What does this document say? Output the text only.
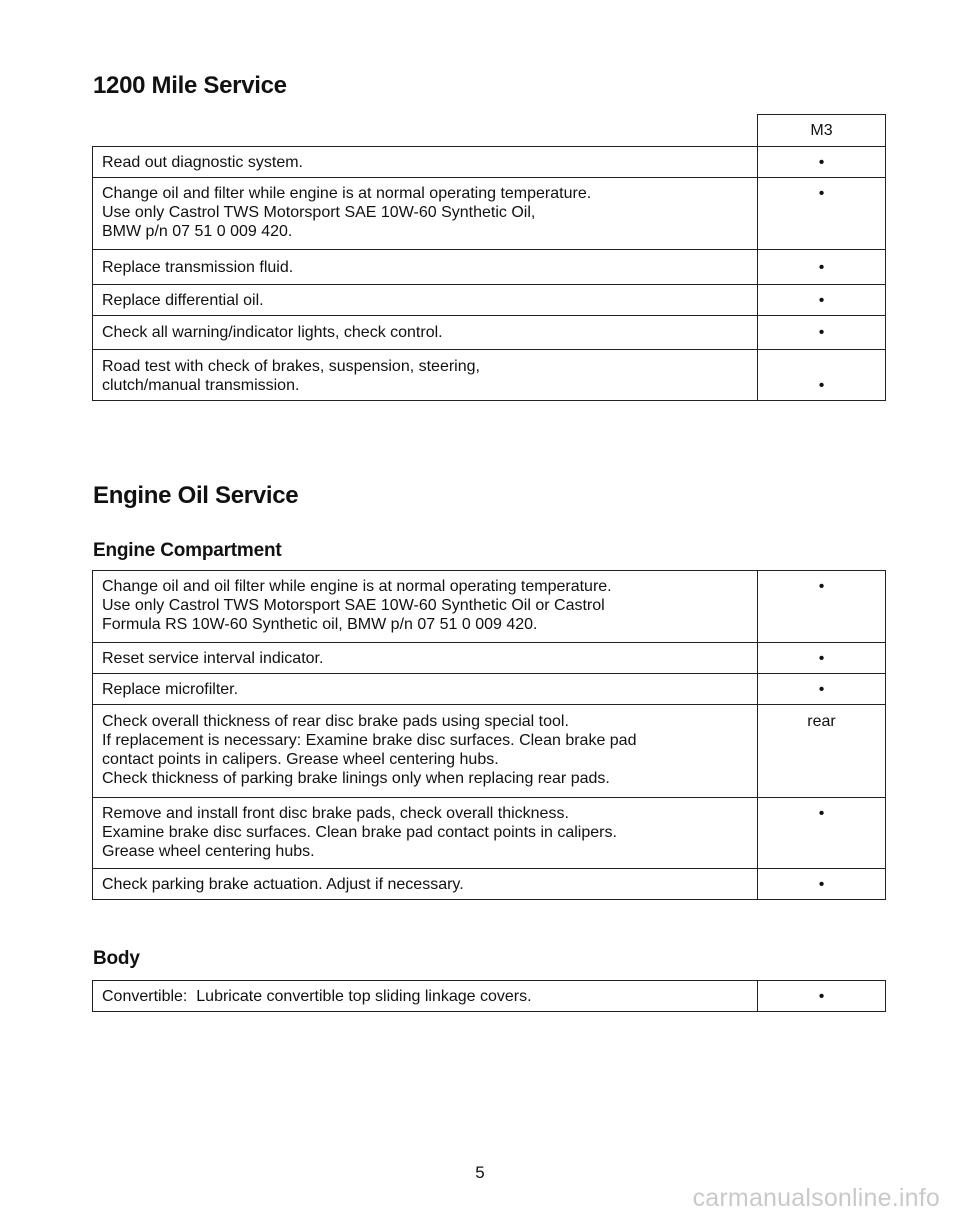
1200 Mile Service
	M3
Read out diagnostic system.	•
Change oil and filter while engine is at normal operating temperature.
Use only Castrol TWS Motorsport SAE 10W-60 Synthetic Oil,
BMW p/n 07 51 0 009 420.	•
Replace transmission fluid.	•
Replace differential oil.	•
Check all warning/indicator lights, check control.	•
Road test with check of brakes, suspension, steering,
clutch/manual transmission.	•
Engine Oil Service
Engine Compartment
Change oil and oil filter while engine is at normal operating temperature.
Use only Castrol TWS Motorsport SAE 10W-60 Synthetic Oil or Castrol
Formula RS 10W-60 Synthetic oil, BMW p/n 07 51 0 009 420.	•
Reset service interval indicator.	•
Replace microfilter.	•
Check overall thickness of rear disc brake pads using special tool.
If replacement is necessary: Examine brake disc surfaces. Clean brake pad
contact points in calipers. Grease wheel centering hubs.
Check thickness of parking brake linings only when replacing rear pads.	rear
Remove and install front disc brake pads, check overall thickness.
Examine brake disc surfaces. Clean brake pad contact points in calipers.
Grease wheel centering hubs.	•
Check parking brake actuation. Adjust if necessary.	•
Body
Convertible:  Lubricate convertible top sliding linkage covers.	•
5
carmanualsonline.info
